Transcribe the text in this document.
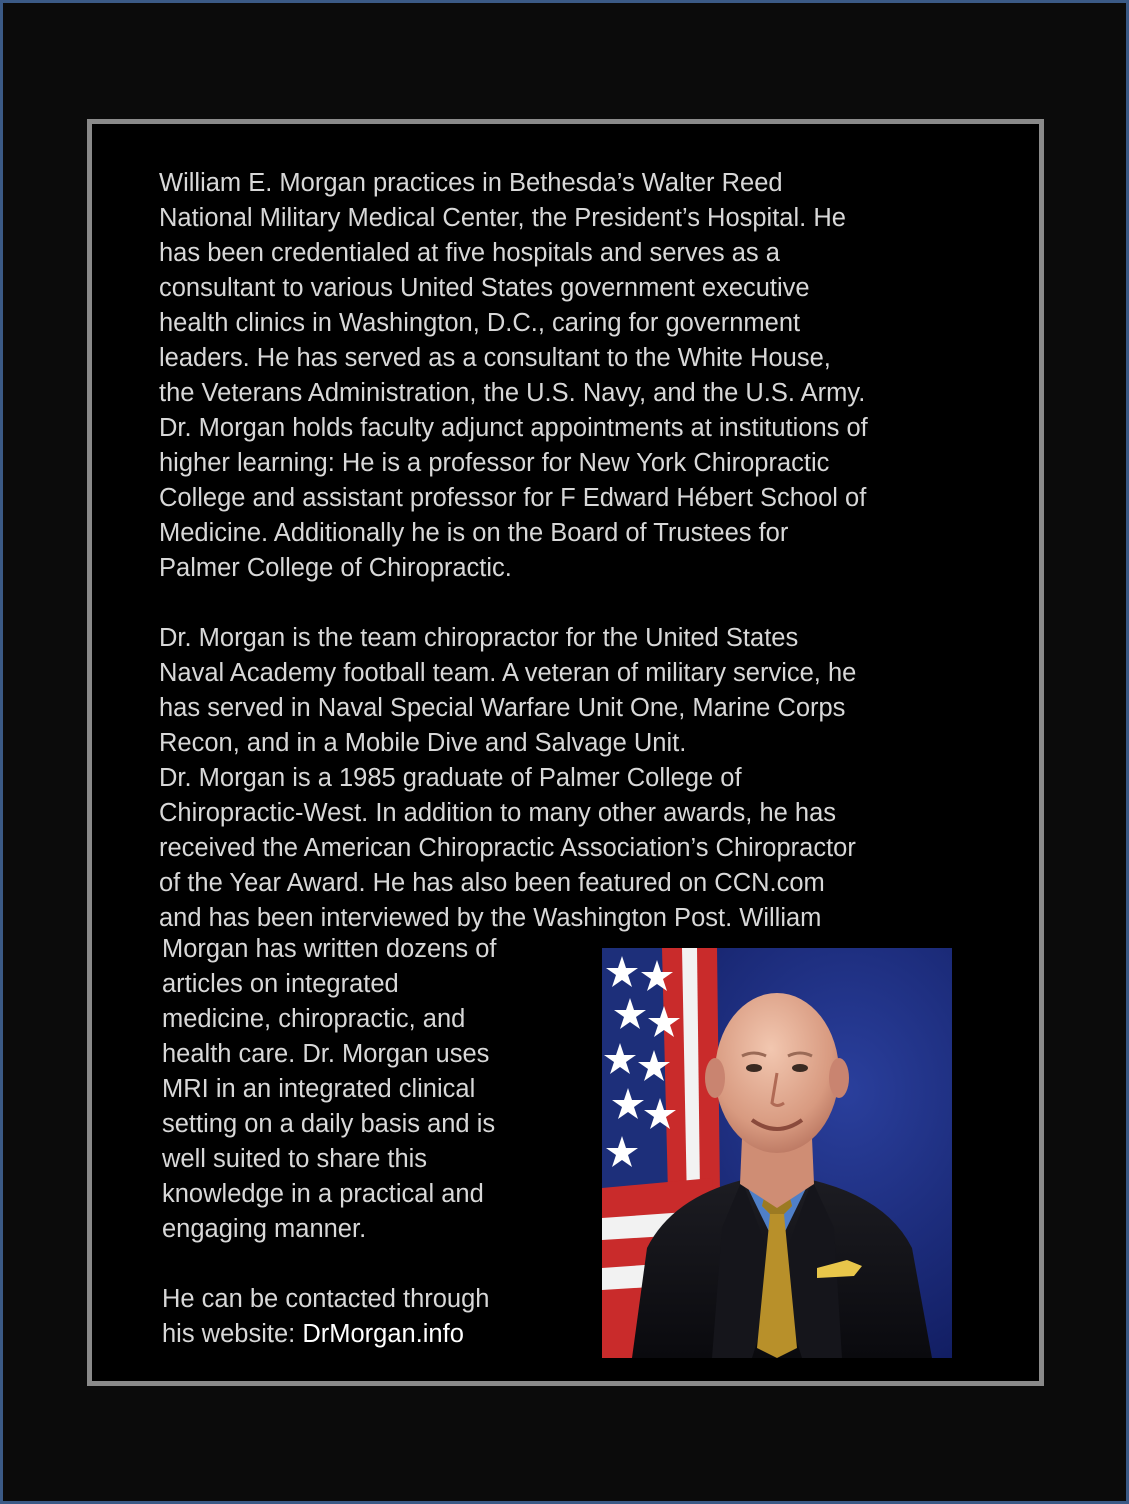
William E. Morgan practices in Bethesda’s Walter Reed
National Military Medical Center, the President’s Hospital. He
has been credentialed at five hospitals and serves as a
consultant to various United States government executive
health clinics in Washington, D.C., caring for government
leaders. He has served as a consultant to the White House,
the Veterans Administration, the U.S. Navy, and the U.S. Army.
Dr. Morgan holds faculty adjunct appointments at institutions of
higher learning: He is a professor for New York Chiropractic
College and assistant professor for F Edward Hébert School of
Medicine. Additionally he is on the Board of Trustees for
Palmer College of Chiropractic.
Dr. Morgan is the team chiropractor for the United States
Naval Academy football team. A veteran of military service, he
has served in Naval Special Warfare Unit One, Marine Corps
Recon, and in a Mobile Dive and Salvage Unit.
Dr. Morgan is a 1985 graduate of Palmer College of
Chiropractic-West. In addition to many other awards, he has
received the American Chiropractic Association’s Chiropractor
of the Year Award. He has also been featured on CCN.com
and has been interviewed by the Washington Post. William
Morgan has written dozens of
articles on integrated
medicine, chiropractic, and
health care. Dr. Morgan uses
MRI in an integrated clinical
setting on a daily basis and is
well suited to share this
knowledge in a practical and
engaging manner.
He can be contacted through
his website: DrMorgan.info
